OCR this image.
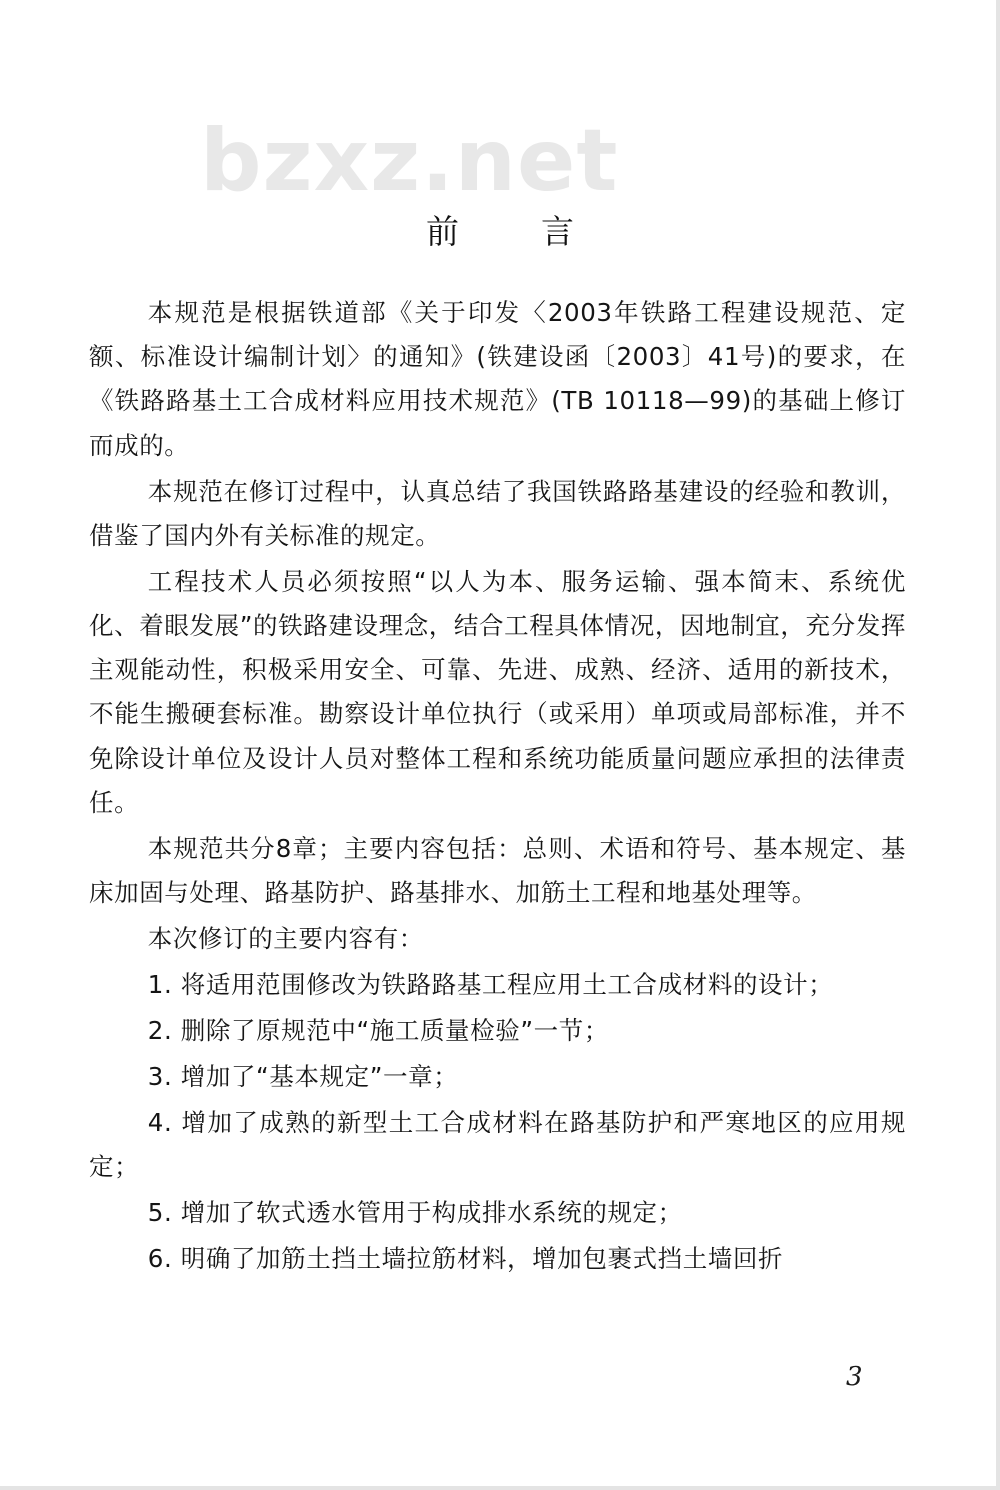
bzxz.net
前 言

本规范是根据铁道部《关于印发〈2003年铁路工程建设规范、定额、标准设计编制计划〉的通知》(铁建设函〔2003〕41号)的要求，在《铁路路基土工合成材料应用技术规范》(TB 10118—99)的基础上修订而成的。

本规范在修订过程中，认真总结了我国铁路路基建设的经验和教训，借鉴了国内外有关标准的规定。

工程技术人员必须按照“以人为本、服务运输、强本简末、系统优化、着眼发展”的铁路建设理念，结合工程具体情况，因地制宜，充分发挥主观能动性，积极采用安全、可靠、先进、成熟、经济、适用的新技术，不能生搬硬套标准。勘察设计单位执行（或采用）单项或局部标准，并不免除设计单位及设计人员对整体工程和系统功能质量问题应承担的法律责任。

本规范共分8章；主要内容包括：总则、术语和符号、基本规定、基床加固与处理、路基防护、路基排水、加筋土工程和地基处理等。

本次修订的主要内容有：

1. 将适用范围修改为铁路路基工程应用土工合成材料的设计；

2. 删除了原规范中“施工质量检验”一节；

3. 增加了“基本规定”一章；

4. 增加了成熟的新型土工合成材料在路基防护和严寒地区的应用规定；

5. 增加了软式透水管用于构成排水系统的规定；

6. 明确了加筋土挡土墙拉筋材料，增加包裹式挡土墙回折

3
